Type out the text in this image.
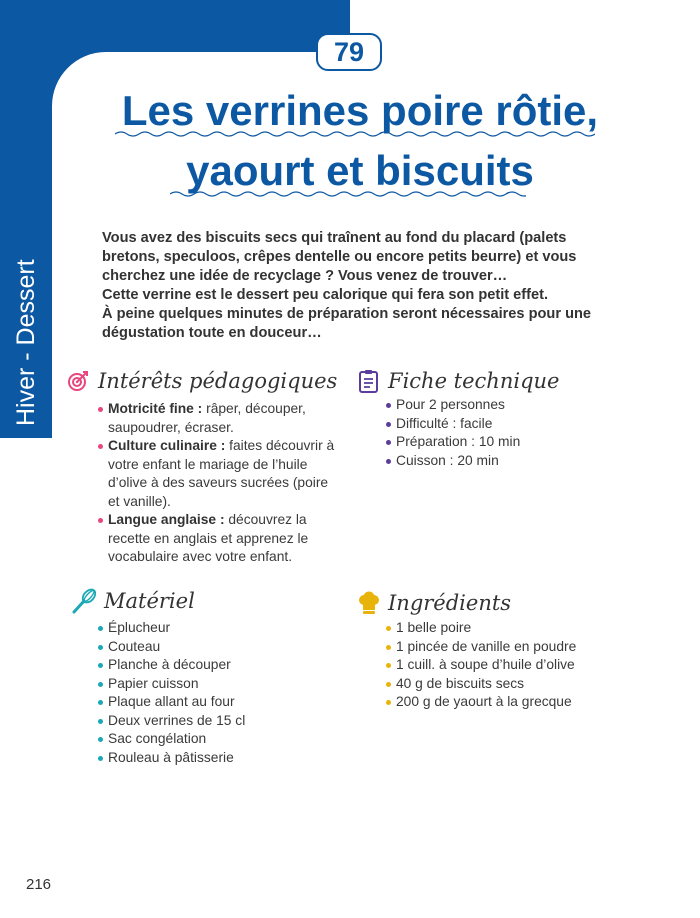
Hiver - Dessert
79
Les verrines poire rôtie,
yaourt et biscuits

Vous avez des biscuits secs qui traînent au fond du placard (palets bretons, speculoos, crêpes dentelle ou encore petits beurre) et vous cherchez une idée de recyclage ? Vous venez de trouver…

Cette verrine est le dessert peu calorique qui fera son petit effet.

À peine quelques minutes de préparation seront nécessaires pour une dégustation toute en douceur…

Intérêts pédagogiques
Motricité fine : râper, découper, saupoudrer, écraser.
Culture culinaire : faites découvrir à votre enfant le mariage de l’huile d’olive à des saveurs sucrées (poire et vanille).
Langue anglaise : découvrez la recette en anglais et apprenez le vocabulaire avec votre enfant.
Fiche technique
Pour 2 personnes
Difficulté : facile
Préparation : 10 min
Cuisson : 20 min
Matériel
Éplucheur
Couteau
Planche à découper
Papier cuisson
Plaque allant au four
Deux verrines de 15 cl
Sac congélation
Rouleau à pâtisserie
Ingrédients
1 belle poire
1 pincée de vanille en poudre
1 cuill. à soupe d’huile d’olive
40 g de biscuits secs
200 g de yaourt à la grecque
216
